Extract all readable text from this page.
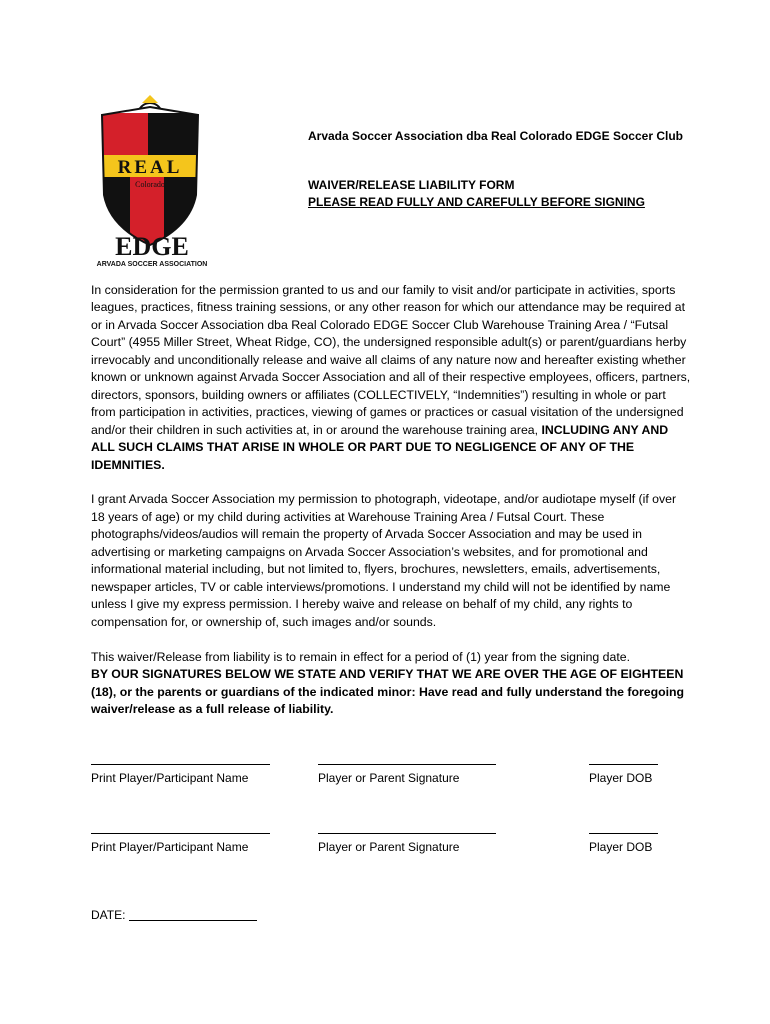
REAL
Colorado
EDGE
ARVADA SOCCER ASSOCIATION
Arvada Soccer Association dba Real Colorado EDGE Soccer Club
WAIVER/RELEASE LIABILITY FORM
PLEASE READ FULLY AND CAREFULLY BEFORE SIGNING

In consideration for the permission granted to us and our family to visit and/or participate in activities, sports leagues, practices, fitness training sessions, or any other reason for which our attendance may be required at or in Arvada Soccer Association dba Real Colorado EDGE Soccer Club Warehouse Training Area / “Futsal Court” (4955 Miller Street, Wheat Ridge, CO), the undersigned responsible adult(s) or parent/guardians herby irrevocably and unconditionally release and waive all claims of any nature now and hereafter existing whether known or unknown against Arvada Soccer Association and all of their respective employees, officers, partners, directors, sponsors, building owners or affiliates (COLLECTIVELY, “Indemnities”) resulting in whole or part from participation in activities, practices, viewing of games or practices or casual visitation of the undersigned and/or their children in such activities at, in or around the warehouse training area, INCLUDING ANY AND ALL SUCH CLAIMS THAT ARISE IN WHOLE OR PART DUE TO NEGLIGENCE OF ANY OF THE IDEMNITIES.

I grant Arvada Soccer Association my permission to photograph, videotape, and/or audiotape myself (if over 18 years of age) or my child during activities at Warehouse Training Area / Futsal Court. These photographs/videos/audios will remain the property of Arvada Soccer Association and may be used in advertising or marketing campaigns on Arvada Soccer Association’s websites, and for promotional and informational material including, but not limited to, flyers, brochures, newsletters, emails, advertisements, newspaper articles, TV or cable interviews/promotions. I understand my child will not be identified by name unless I give my express permission. I hereby waive and release on behalf of my child, any rights to compensation for, or ownership of, such images and/or sounds.

This waiver/Release from liability is to remain in effect for a period of (1) year from the signing date.
BY OUR SIGNATURES BELOW WE STATE AND VERIFY THAT WE ARE OVER THE AGE OF EIGHTEEN (18), or the parents or guardians of the indicated minor: Have read and fully understand the foregoing waiver/release as a full release of liability.

Print Player/Participant Name	Player or Parent Signature	Player DOB
Print Player/Participant Name	Player or Parent Signature	Player DOB
DATE:
